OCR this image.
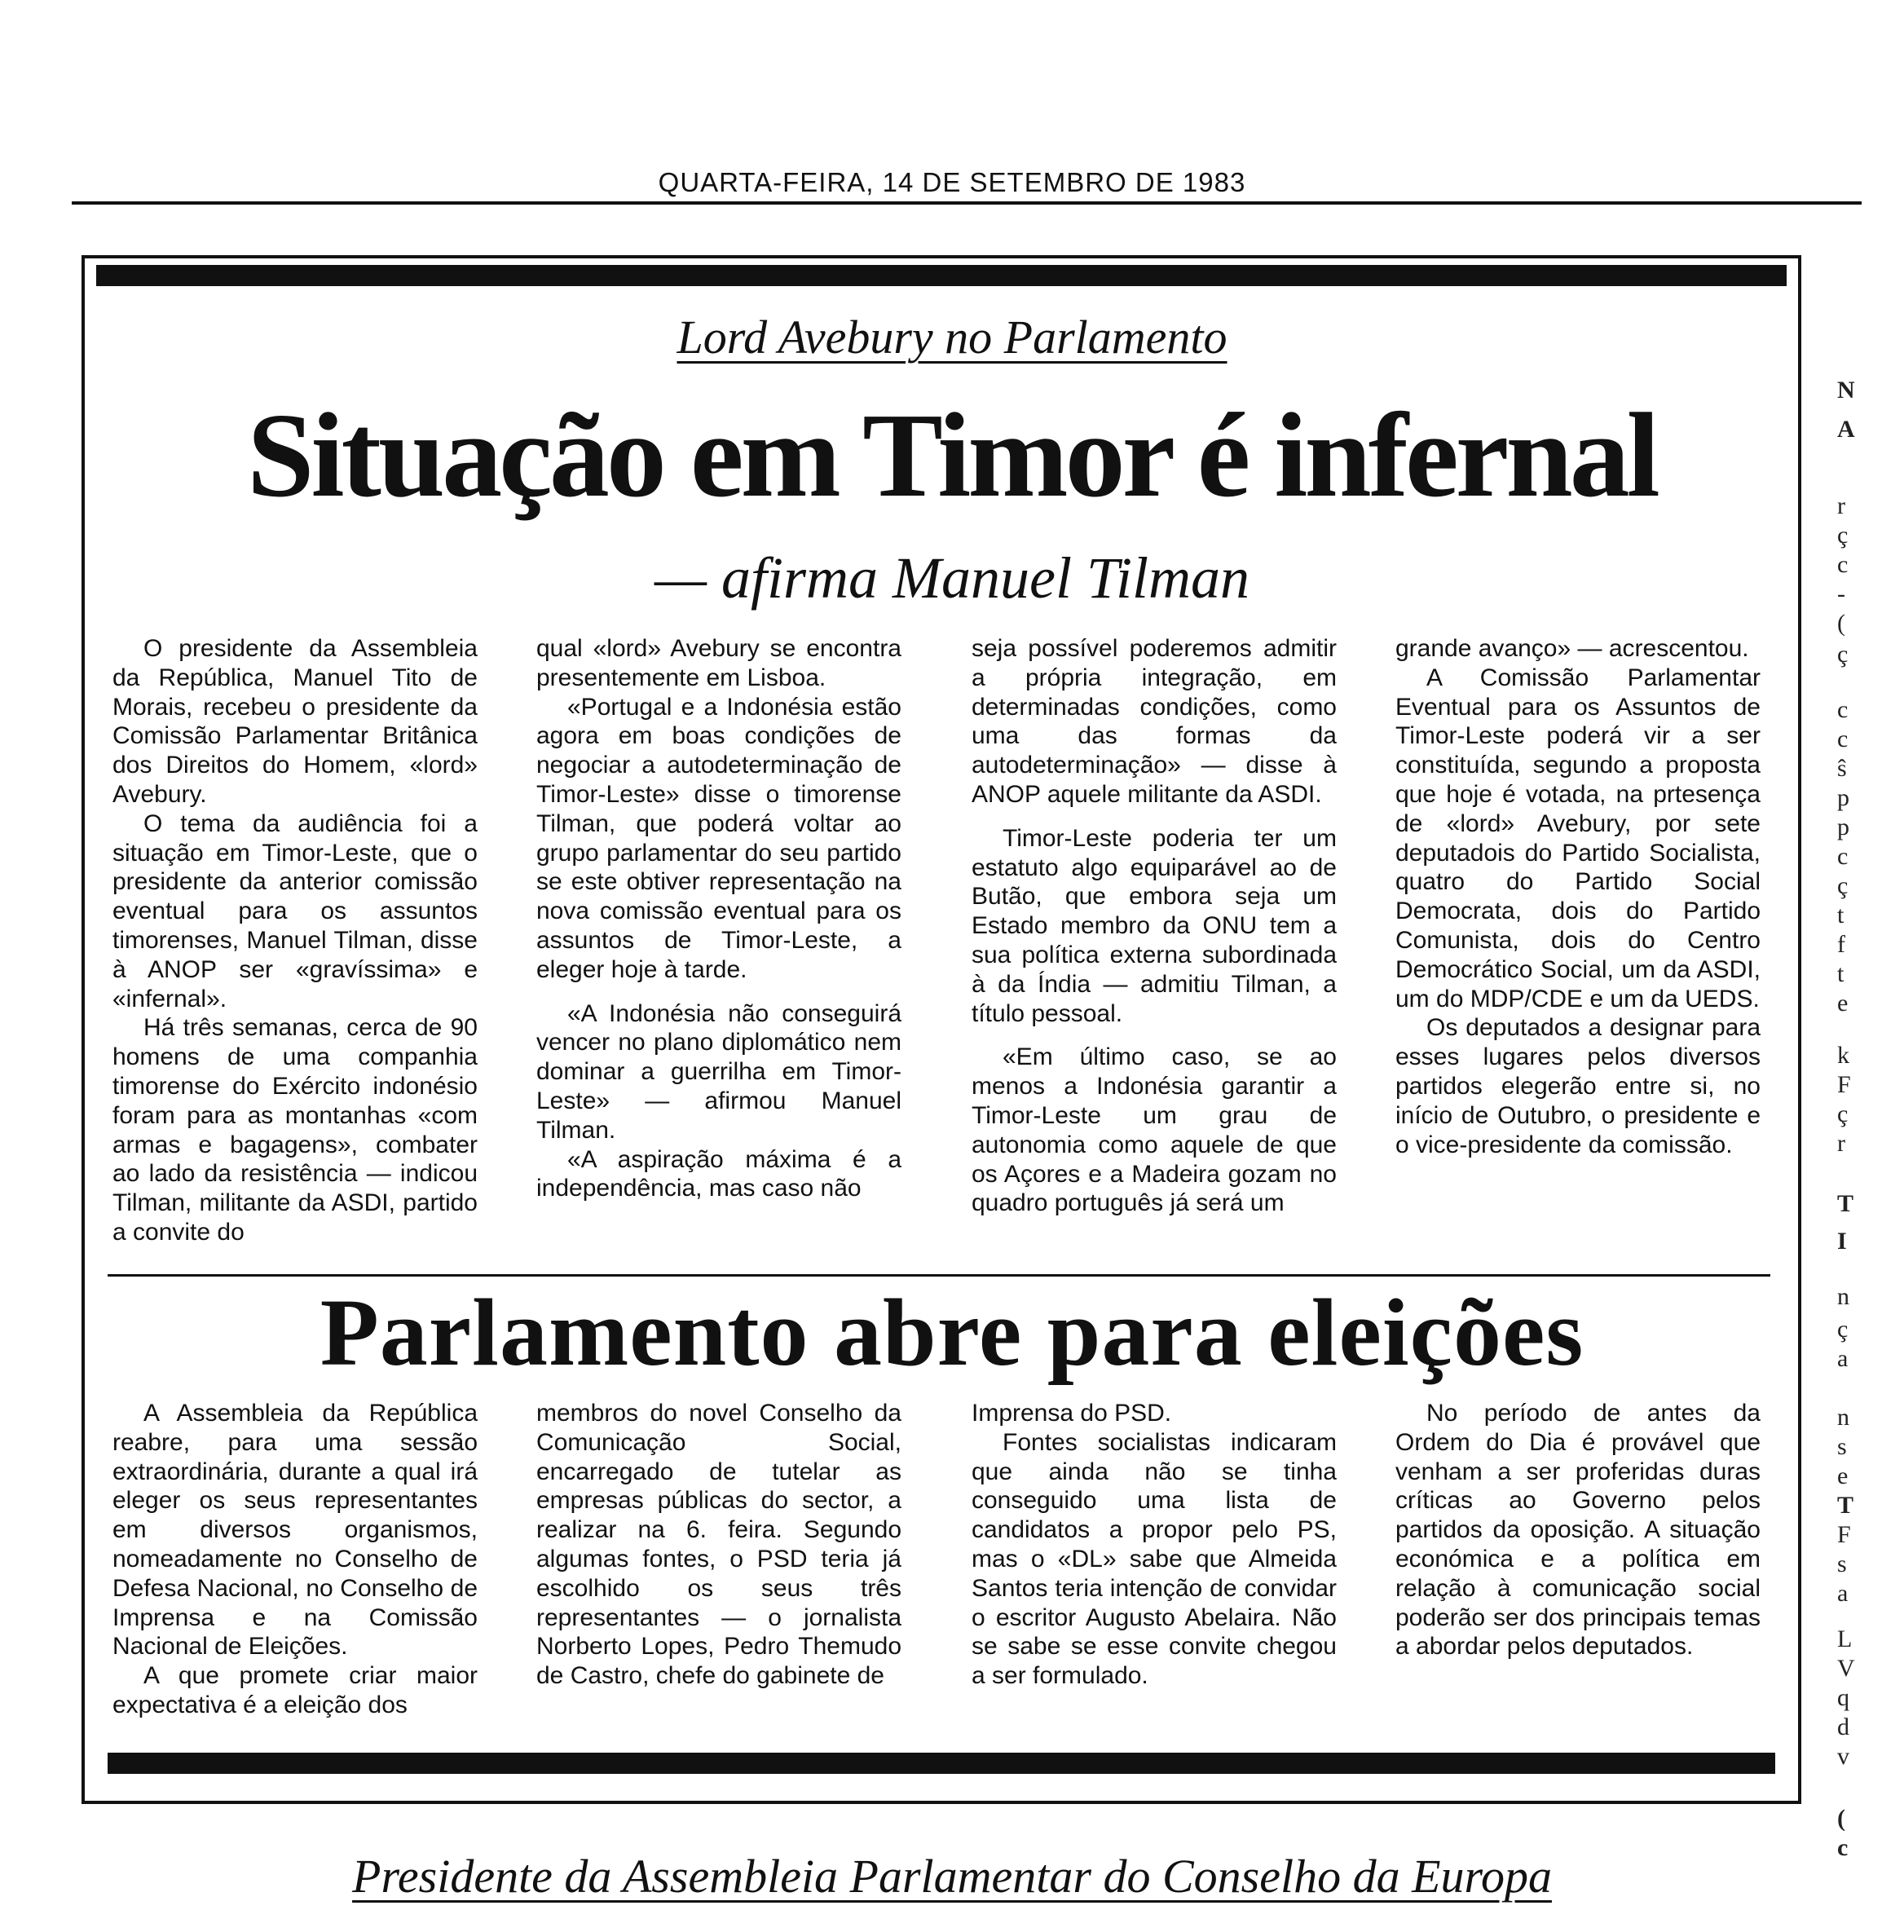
QUARTA-FEIRA, 14 DE SETEMBRO DE 1983
Lord Avebury no Parlamento
Situação em Timor é infernal
— afirma Manuel Tilman

O presidente da Assembleia da República, Manuel Tito de Morais, recebeu o presidente da Comissão Parlamentar Britânica dos Direitos do Homem, «lord» Avebury.

O tema da audiência foi a situação em Timor-Leste, que o presidente da anterior comissão eventual para os assuntos timorenses, Manuel Tilman, disse à ANOP ser «gravíssima» e «infernal».

Há três semanas, cerca de 90 homens de uma companhia timorense do Exército indonésio foram para as montanhas «com armas e bagagens», combater ao lado da resistência — indicou Tilman, militante da ASDI, partido a convite do

qual «lord» Avebury se encontra presentemente em Lisboa.

«Portugal e a Indonésia estão agora em boas condições de negociar a autodeterminação de Timor-Leste» disse o timorense Tilman, que poderá voltar ao grupo parlamentar do seu partido se este obtiver representação na nova comissão eventual para os assuntos de Timor-Leste, a eleger hoje à tarde.

«A Indonésia não conseguirá vencer no plano diplomático nem dominar a guerrilha em Timor-Leste» — afirmou Manuel Tilman.

«A aspiração máxima é a independência, mas caso não

seja possível poderemos admitir a própria integração, em determinadas condições, como uma das formas da autodeterminação» — disse à ANOP aquele militante da ASDI.

Timor-Leste poderia ter um estatuto algo equiparável ao de Butão, que embora seja um Estado membro da ONU tem a sua política externa subordinada à da Índia — admitiu Tilman, a título pessoal.

«Em último caso, se ao menos a Indonésia garantir a Timor-Leste um grau de autonomia como aquele de que os Açores e a Madeira gozam no quadro português já será um

grande avanço» — acrescentou.

A Comissão Parlamentar Eventual para os Assuntos de Timor-Leste poderá vir a ser constituída, segundo a proposta que hoje é votada, na prtesença de «lord» Avebury, por sete deputadois do Partido Socialista, quatro do Partido Social Democrata, dois do Partido Comunista, dois do Centro Democrático Social, um da ASDI, um do MDP/CDE e um da UEDS.

Os deputados a designar para esses lugares pelos diversos partidos elegerão entre si, no início de Outubro, o presidente e o vice-presidente da comissão.

Parlamento abre para eleições

A Assembleia da República reabre, para uma sessão extraordinária, durante a qual irá eleger os seus representantes em diversos organismos, nomeadamente no Conselho de Defesa Nacional, no Conselho de Imprensa e na Comissão Nacional de Eleições.

A que promete criar maior expectativa é a eleição dos

membros do novel Conselho da Comunicação Social, encarregado de tutelar as empresas públicas do sector, a realizar na 6. feira. Segundo algumas fontes, o PSD teria já escolhido os seus três representantes — o jornalista Norberto Lopes, Pedro Themudo de Castro, chefe do gabinete de

Imprensa do PSD.

Fontes socialistas indicaram que ainda não se tinha conseguido uma lista de candidatos a propor pelo PS, mas o «DL» sabe que Almeida Santos teria intenção de convidar o escritor Augusto Abelaira. Não se sabe se esse convite chegou a ser formulado.

No período de antes da Ordem do Dia é provável que venham a ser proferidas duras críticas ao Governo pelos partidos da oposição. A situação económica e a política em relação à comunicação social poderão ser dos principais temas a abordar pelos deputados.

Presidente da Assembleia Parlamentar do Conselho da Europa
N
A
r
ç
c
-
(
ç
c
c
ŝ
p
p
c
ç
t
f
t
e
k
F
ç
r
T
I
n
ç
a
n
s
e
T
F
s
a
L
V
q
d
v
(
c
